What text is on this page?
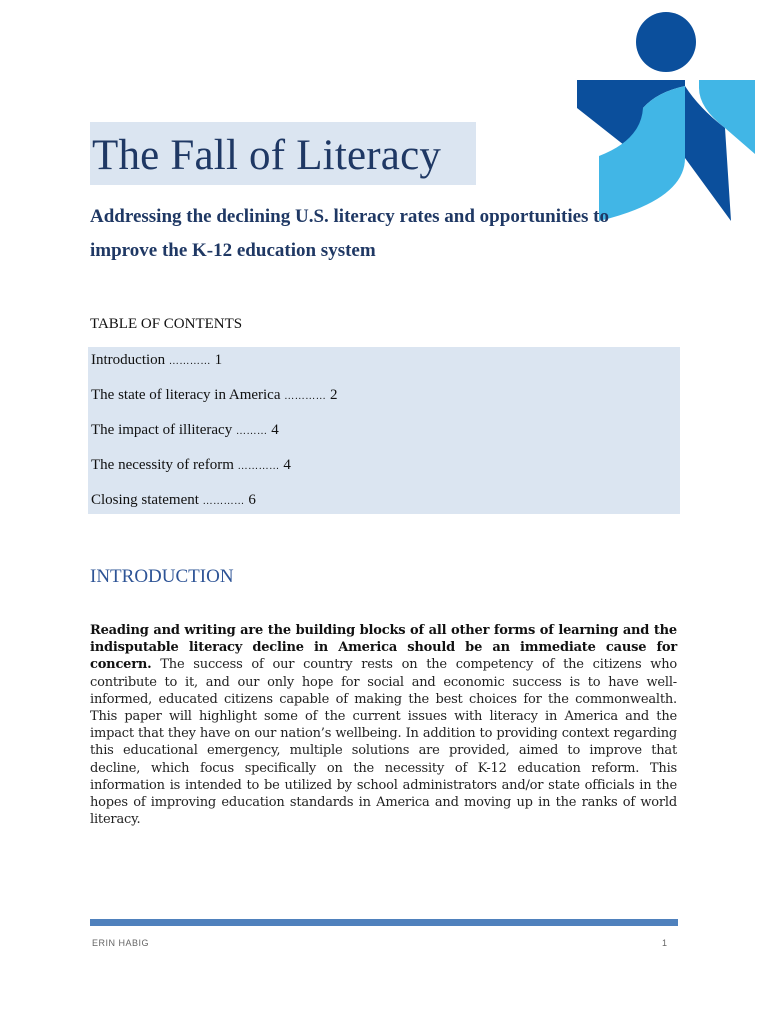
The Fall of Literacy
Addressing the declining U.S. literacy rates and opportunities to improve the K-12 education system
TABLE OF CONTENTS
Introduction ………… 1
The state of literacy in America ………… 2
The impact of illiteracy ……… 4
The necessity of reform ………… 4
Closing statement ………… 6
INTRODUCTION

Reading and writing are the building blocks of all other forms of learning and the indisputable literacy decline in America should be an immediate cause for concern. The success of our country rests on the competency of the citizens who contribute to it, and our only hope for social and economic success is to have well-informed, educated citizens capable of making the best choices for the commonwealth. This paper will highlight some of the current issues with literacy in America and the impact that they have on our nation’s wellbeing. In addition to providing context regarding this educational emergency, multiple solutions are provided, aimed to improve that decline, which focus specifically on the necessity of K-12 education reform. This information is intended to be utilized by school administrators and/or state officials in the hopes of improving education standards in America and moving up in the ranks of world literacy.

ERIN HABIG	1
